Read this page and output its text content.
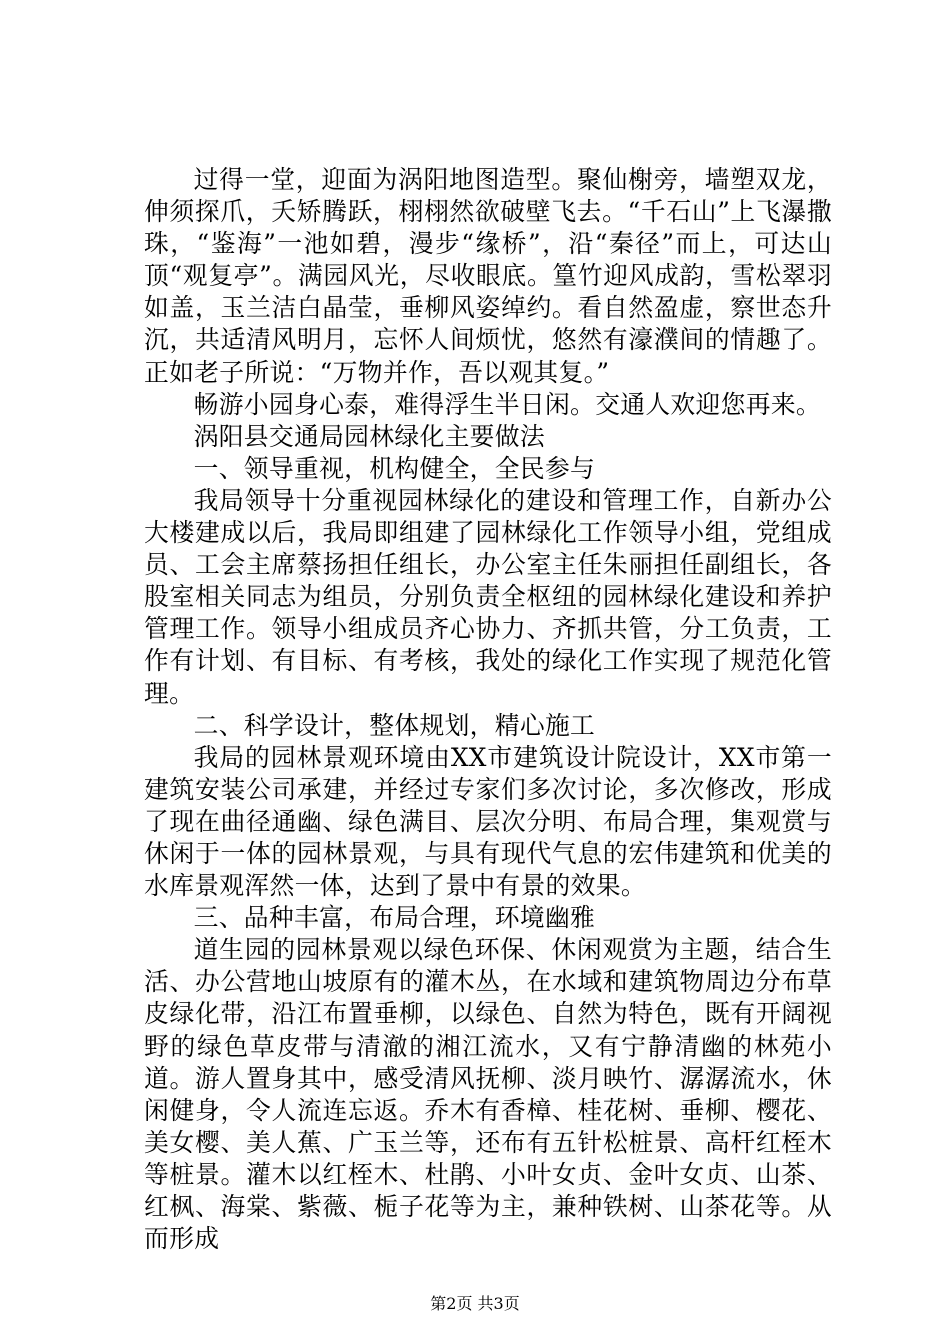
过得一堂，迎面为涡阳地图造型。聚仙榭旁，墙塑双龙，伸须探爪，夭矫腾跃，栩栩然欲破壁飞去。“千石山”上飞瀑撒珠，“鉴海”一池如碧，漫步“缘桥”，沿“秦径”而上，可达山顶“观复亭”。满园风光，尽收眼底。篁竹迎风成韵，雪松翠羽如盖，玉兰洁白晶莹，垂柳风姿绰约。看自然盈虚，察世态升沉，共适清风明月，忘怀人间烦忧，悠然有濠濮间的情趣了。正如老子所说：“万物并作，吾以观其复。”

畅游小园身心泰，难得浮生半日闲。交通人欢迎您再来。

涡阳县交通局园林绿化主要做法

一、领导重视，机构健全，全民参与

我局领导十分重视园林绿化的建设和管理工作，自新办公大楼建成以后，我局即组建了园林绿化工作领导小组，党组成员、工会主席蔡扬担任组长，办公室主任朱丽担任副组长，各股室相关同志为组员，分别负责全枢纽的园林绿化建设和养护管理工作。领导小组成员齐心协力、齐抓共管，分工负责，工作有计划、有目标、有考核，我处的绿化工作实现了规范化管理。

二、科学设计，整体规划，精心施工

我局的园林景观环境由XX市建筑设计院设计，XX市第一建筑安装公司承建，并经过专家们多次讨论，多次修改，形成了现在曲径通幽、绿色满目、层次分明、布局合理，集观赏与休闲于一体的园林景观，与具有现代气息的宏伟建筑和优美的水库景观浑然一体，达到了景中有景的效果。

三、品种丰富，布局合理，环境幽雅

道生园的园林景观以绿色环保、休闲观赏为主题，结合生活、办公营地山坡原有的灌木丛，在水域和建筑物周边分布草皮绿化带，沿江布置垂柳，以绿色、自然为特色，既有开阔视野的绿色草皮带与清澈的湘江流水，又有宁静清幽的林苑小道。游人置身其中，感受清风抚柳、淡月映竹、潺潺流水，休闲健身，令人流连忘返。乔木有香樟、桂花树、垂柳、樱花、美女樱、美人蕉、广玉兰等，还布有五针松桩景、高杆红桎木等桩景。灌木以红桎木、杜鹃、小叶女贞、金叶女贞、山茶、红枫、海棠、紫薇、栀子花等为主，兼种铁树、山茶花等。从而形成

第2页 共3页
